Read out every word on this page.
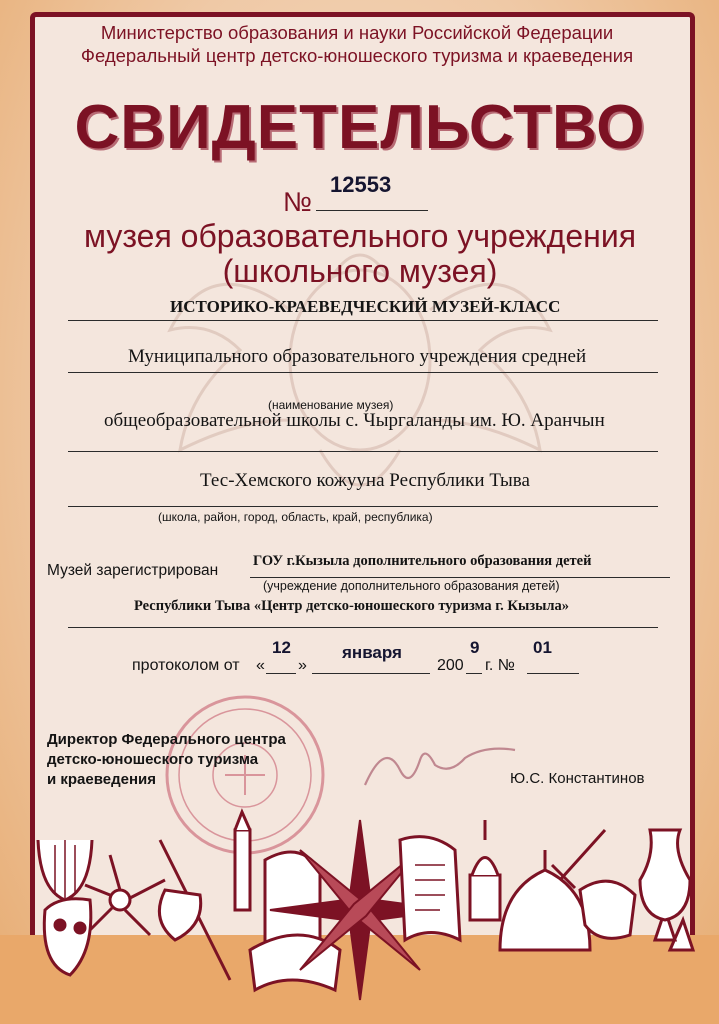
Министерство образования и науки Российской Федерации
Федеральный центр детско-юношеского туризма и краеведения
СВИДЕТЕЛЬСТВО
№
12553
музея образовательного учреждения
(школьного музея)
ИСТОРИКО-КРАЕВЕДЧЕСКИЙ МУЗЕЙ-КЛАСС
Муниципального образовательного учреждения средней
(наименование музея)
общеобразовательной школы с. Чыргаланды им. Ю. Аранчын
Тес-Хемского кожууна Республики Тыва
(школа, район, город, область, край, республика)
Музей зарегистрирован
ГОУ г.Кызыла дополнительного образования детей
(учреждение дополнительного образования детей)
Республики Тыва «Центр детско-юношеского туризма г. Кызыла»
протоколом от «
12
»
января
200
9
г. №
01
Директор Федерального центра
детско-юношеского туризма
и краеведения	Ю.С. Константинов
